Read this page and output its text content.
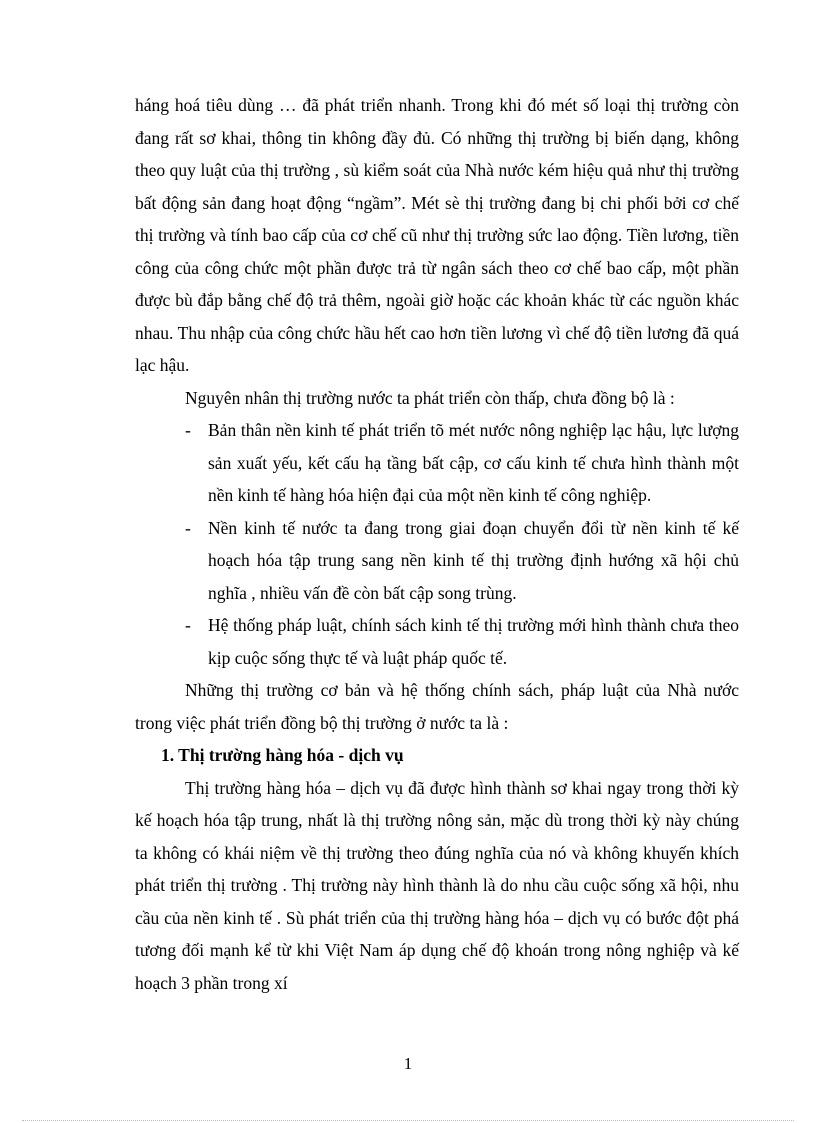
háng hoá tiêu dùng … đã phát triển nhanh. Trong khi đó mét số loại thị trường còn đang rất sơ khai, thông tin không đầy đủ. Có những thị trường bị biến dạng, không theo quy luật của thị trường , sù kiểm soát của Nhà nước kém hiệu quả như thị trường bất động sản đang hoạt động “ngầm”. Mét sè thị trường đang bị chi phối bởi cơ chế thị trường và tính bao cấp của cơ chế cũ như thị trường sức lao động. Tiền lương, tiền công của công chức một phần được trả từ ngân sách theo cơ chế bao cấp, một phần được bù đắp bằng chế độ trả thêm, ngoài giờ hoặc các khoản khác từ các nguồn khác nhau. Thu nhập của công chức hầu hết cao hơn tiền lương vì chế độ tiền lương đã quá lạc hậu.

Nguyên nhân thị trường nước ta phát triển còn thấp, chưa đồng bộ là :

- Bản thân nền kinh tế phát triển tõ mét nước nông nghiệp lạc hậu, lực lượng sản xuất yếu, kết cấu hạ tầng bất cập, cơ cấu kinh tế chưa hình thành một nền kinh tế hàng hóa hiện đại của một nền kinh tế công nghiệp.
- Nền kinh tế nước ta đang trong giai đoạn chuyển đổi từ nền kinh tế kế hoạch hóa tập trung sang nền kinh tế thị trường định hướng xã hội chủ nghĩa , nhiều vấn đề còn bất cập song trùng.
- Hệ thống pháp luật, chính sách kinh tế thị trường mới hình thành chưa theo kịp cuộc sống thực tế và luật pháp quốc tế.

Những thị trường cơ bản và hệ thống chính sách, pháp luật của Nhà nước trong việc phát triển đồng bộ thị trường ở nước ta là :

1. Thị trường hàng hóa - dịch vụ

Thị trường hàng hóa – dịch vụ đã được hình thành sơ khai ngay trong thời kỳ kế hoạch hóa tập trung, nhất là thị trường nông sản, mặc dù trong thời kỳ này chúng ta không có khái niệm về thị trường theo đúng nghĩa của nó và không khuyến khích phát triển thị trường . Thị trường này hình thành là do nhu cầu cuộc sống xã hội, nhu cầu của nền kinh tế . Sù phát triển của thị trường hàng hóa – dịch vụ có bước đột phá tương đối mạnh kể từ khi Việt Nam áp dụng chế độ khoán trong nông nghiệp và kế hoạch 3 phần trong xí

1
